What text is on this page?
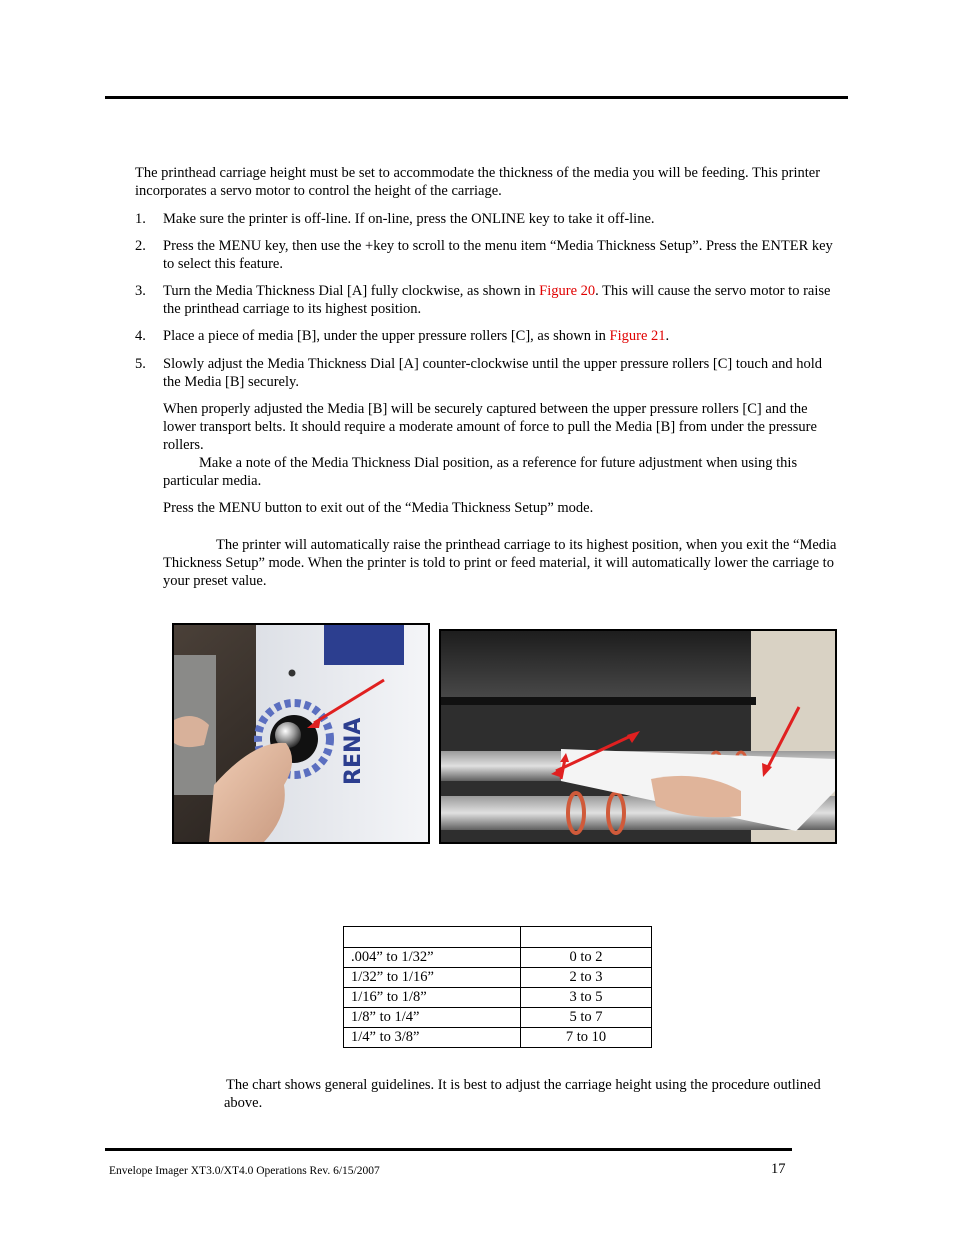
The printhead carriage height must be set to accommodate the thickness of the media you will be feeding. This printer incorporates a servo motor to control the height of the carriage.

1. Make sure the printer is off-line. If on-line, press the ONLINE key to take it off-line.
2. Press the MENU key, then use the +key to scroll to the menu item “Media Thickness Setup”. Press the ENTER key to select this feature.
3. Turn the Media Thickness Dial [A] fully clockwise, as shown in Figure 20. This will cause the servo motor to raise the printhead carriage to its highest position.
4. Place a piece of media [B], under the upper pressure rollers [C], as shown in Figure 21.
5. Slowly adjust the Media Thickness Dial [A] counter-clockwise until the upper pressure rollers [C] touch and hold the Media [B] securely.

When properly adjusted the Media [B] will be securely captured between the upper pressure rollers [C] and the lower transport belts. It should require a moderate amount of force to pull the Media [B] from under the pressure rollers.

Make a note of the Media Thickness Dial position, as a reference for future adjustment when using this particular media.

Press the MENU button to exit out of the “Media Thickness Setup” mode.

The printer will automatically raise the printhead carriage to its highest position, when you exit the “Media Thickness Setup” mode. When the printer is told to print or feed material, it will automatically lower the carriage to your preset value.

RENA

.004” to 1/32”	0 to 2
1/32” to 1/16”	2 to 3
1/16” to 1/8”	3 to 5
1/8” to 1/4”	5 to 7
1/4” to 3/8”	7 to 10

The chart shows general guidelines. It is best to adjust the carriage height using the procedure outlined above.

Envelope Imager XT3.0/XT4.0 Operations Rev. 6/15/2007	17
